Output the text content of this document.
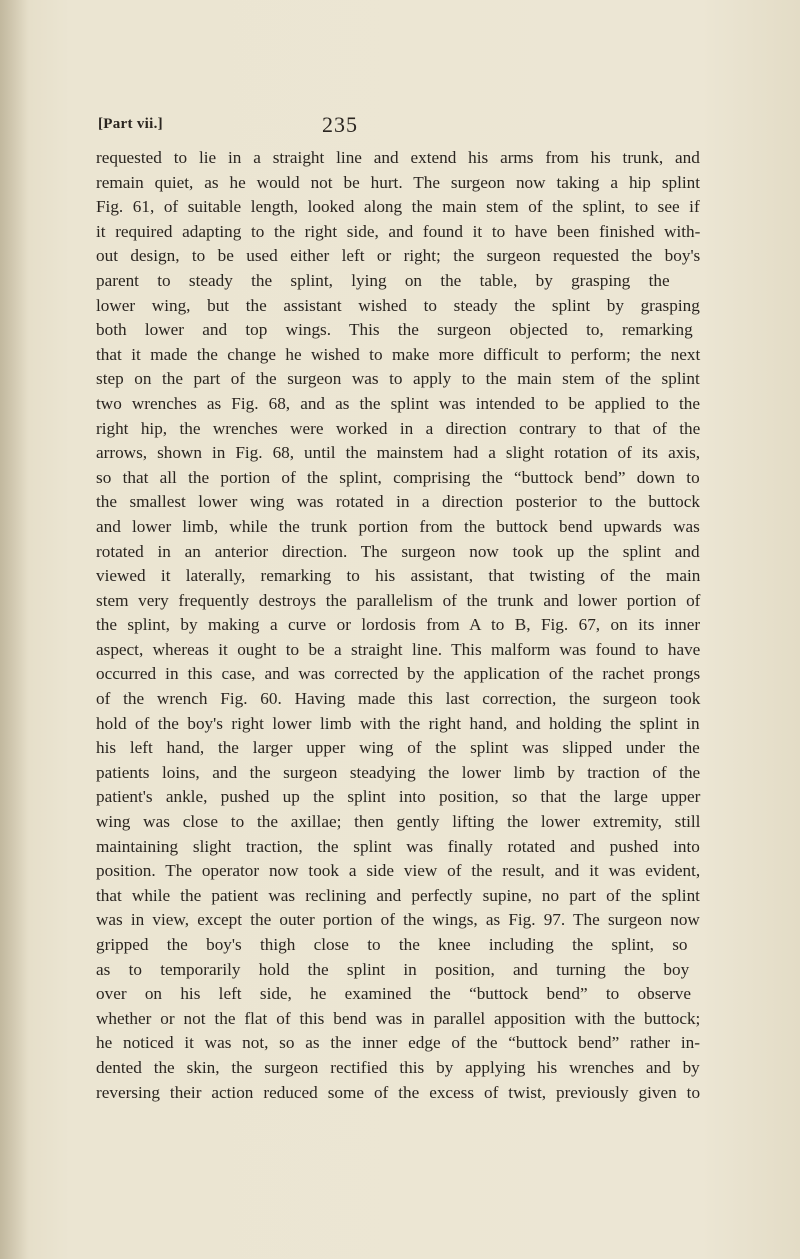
[Part vii.]	235
requested to lie in a straight line and extend his arms from his trunk, and
remain quiet, as he would not be hurt. The surgeon now taking a hip splint
Fig. 61, of suitable length, looked along the main stem of the splint, to see if
it required adapting to the right side, and found it to have been finished with-
out design, to be used either left or right; the surgeon requested the boy's
parent to steady the splint, lying on the table, by grasping the
lower wing, but the assistant wished to steady the splint by grasping
both lower and top wings. This the surgeon objected to, remarking
that it made the change he wished to make more difficult to perform; the next
step on the part of the surgeon was to apply to the main stem of the splint
two wrenches as Fig. 68, and as the splint was intended to be applied to the
right hip, the wrenches were worked in a direction contrary to that of the
arrows, shown in Fig. 68, until the mainstem had a slight rotation of its axis,
so that all the portion of the splint, comprising the “buttock bend” down to
the smallest lower wing was rotated in a direction posterior to the buttock
and lower limb, while the trunk portion from the buttock bend upwards was
rotated in an anterior direction. The surgeon now took up the splint and
viewed it laterally, remarking to his assistant, that twisting of the main
stem very frequently destroys the parallelism of the trunk and lower portion of
the splint, by making a curve or lordosis from A to B, Fig. 67, on its inner
aspect, whereas it ought to be a straight line. This malform was found to have
occurred in this case, and was corrected by the application of the rachet prongs
of the wrench Fig. 60. Having made this last correction, the surgeon took
hold of the boy's right lower limb with the right hand, and holding the splint in
his left hand, the larger upper wing of the splint was slipped under the
patients loins, and the surgeon steadying the lower limb by traction of the
patient's ankle, pushed up the splint into position, so that the large upper
wing was close to the axillae; then gently lifting the lower extremity, still
maintaining slight traction, the splint was finally rotated and pushed into
position. The operator now took a side view of the result, and it was evident,
that while the patient was reclining and perfectly supine, no part of the splint
was in view, except the outer portion of the wings, as Fig. 97. The surgeon now
gripped the boy's thigh close to the knee including the splint, so
as to temporarily hold the splint in position, and turning the boy
over on his left side, he examined the “buttock bend” to observe
whether or not the flat of this bend was in parallel apposition with the buttock;
he noticed it was not, so as the inner edge of the “buttock bend” rather in-
dented the skin, the surgeon rectified this by applying his wrenches and by
reversing their action reduced some of the excess of twist, previously given to
